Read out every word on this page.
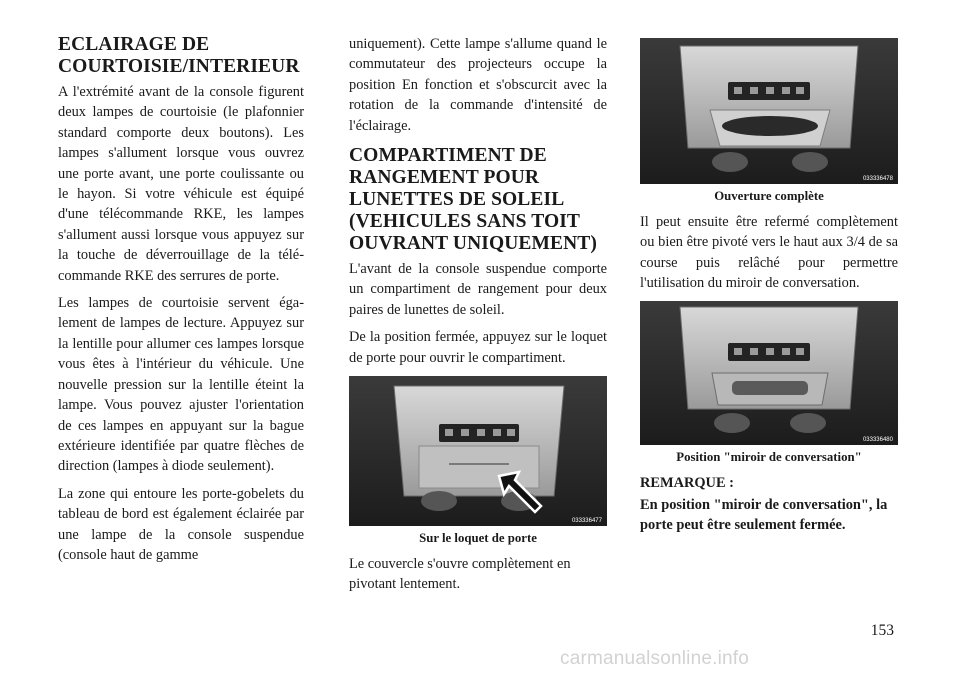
ECLAIRAGE DE COURTOISIE/INTERIEUR

A l'extrémité avant de la console figurent deux lampes de courtoisie (le plafonnier standard comporte deux boutons). Les lampes s'allument lorsque vous ouvrez une porte avant, une porte coulissante ou le hayon. Si votre véhicule est équipé d'une télécommande RKE, les lampes s'allument aussi lorsque vous appuyez sur la touche de déverrouillage de la télécommande RKE des serrures de porte.

Les lampes de courtoisie servent également de lampes de lecture. Appuyez sur la lentille pour allumer ces lampes lorsque vous êtes à l'intérieur du véhicule. Une nouvelle pression sur la lentille éteint la lampe. Vous pouvez ajuster l'orientation de ces lampes en appuyant sur la bague extérieure identifiée par quatre flèches de direction (lampes à diode seulement).

La zone qui entoure les porte-gobelets du tableau de bord est également éclairée par une lampe de la console suspendue (console haut de gamme

uniquement). Cette lampe s'allume quand le commutateur des projecteurs occupe la position En fonction et s'obscurcit avec la rotation de la commande d'intensité de l'éclairage.

COMPARTIMENT DE RANGEMENT POUR LUNETTES DE SOLEIL (VEHICULES SANS TOIT OUVRANT UNIQUEMENT)

L'avant de la console suspendue comporte un compartiment de rangement pour deux paires de lunettes de soleil.

De la position fermée, appuyez sur le loquet de porte pour ouvrir le compartiment.

033336477
Sur le loquet de porte

Le couvercle s'ouvre complètement en pivotant lentement.

033336478
Ouverture complète

Il peut ensuite être refermé complètement ou bien être pivoté vers le haut aux 3/4 de sa course puis relâché pour permettre l'utilisation du miroir de conversation.

033336480
Position "miroir de conversation"
REMARQUE :
En position "miroir de conversation", la porte peut être seulement fermée.
153
carmanualsonline.info
